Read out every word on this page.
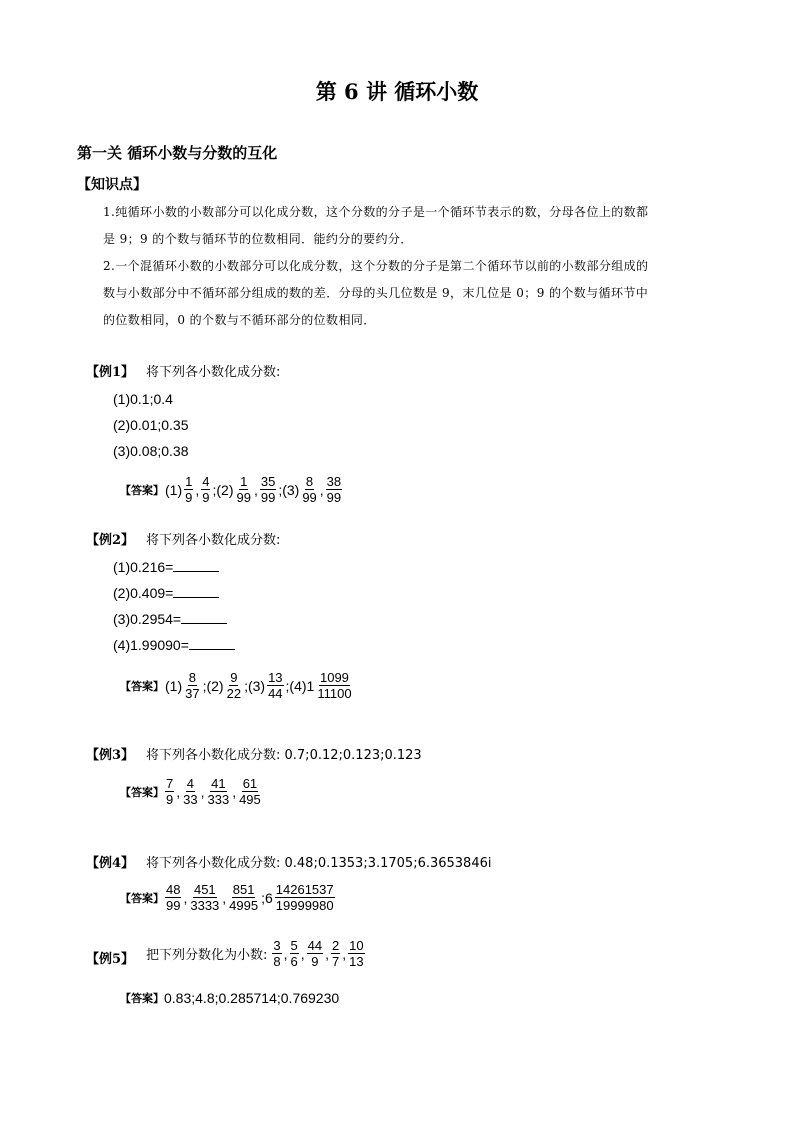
第 6 讲 循环小数
第一关 循环小数与分数的互化
【知识点】
1.纯循环小数的小数部分可以化成分数，这个分数的分子是一个循环节表示的数，分母各位上的数都
是 9；9 的个数与循环节的位数相同．能约分的要约分．
2.一个混循环小数的小数部分可以化成分数，这个分数的分子是第二个循环节以前的小数部分组成的
数与小数部分中不循环部分组成的数的差．分母的头几位数是 9，末几位是 0；9 的个数与循环节中
的位数相同，0 的个数与不循环部分的位数相同．
【例1】 将下列各小数化成分数:
(1)0.1;0.4
(2)0.01;0.35
(3)0.08;0.38
【答案】 $(1) \frac{1}{9}$ , $\frac{4}{9}$ ;(2) $\frac{1}{99}$ , $\frac{35}{99}$ ;(3) $\frac{8}{99}$ , $\frac{38}{99}$
【例2】 将下列各小数化成分数:
(1)0.216=
(2)0.409=
(3)0.2954=
(4)1.99090=
【答案】 $(1) \frac{8}{37}$ ;(2) $\frac{9}{22}$ ;(3) $\frac{13}{44}$ ;(4)1 $\frac{1099}{11100}$
【例3】 将下列各小数化成分数: 0.7;0.12;0.123;0.123
【答案】 $\frac{7}{9}$ , $\frac{4}{33}$ , $\frac{41}{333}$ , $\frac{61}{495}$
【例4】 将下列各小数化成分数: 0.48;0.1353;3.1705;6.3653846i
【答案】 $\frac{48}{99}$ , $\frac{451}{3333}$ , $\frac{851}{4995}$ ;6 $\frac{14261537}{19999980}$
【例5】 把下列分数化为小数: $\frac{3}{8}$ , $\frac{5}{6}$ , $\frac{44}{9}$ , $\frac{2}{7}$ , $\frac{10}{13}$
【答案】 0.83;4.8;0.285714;0.769230
